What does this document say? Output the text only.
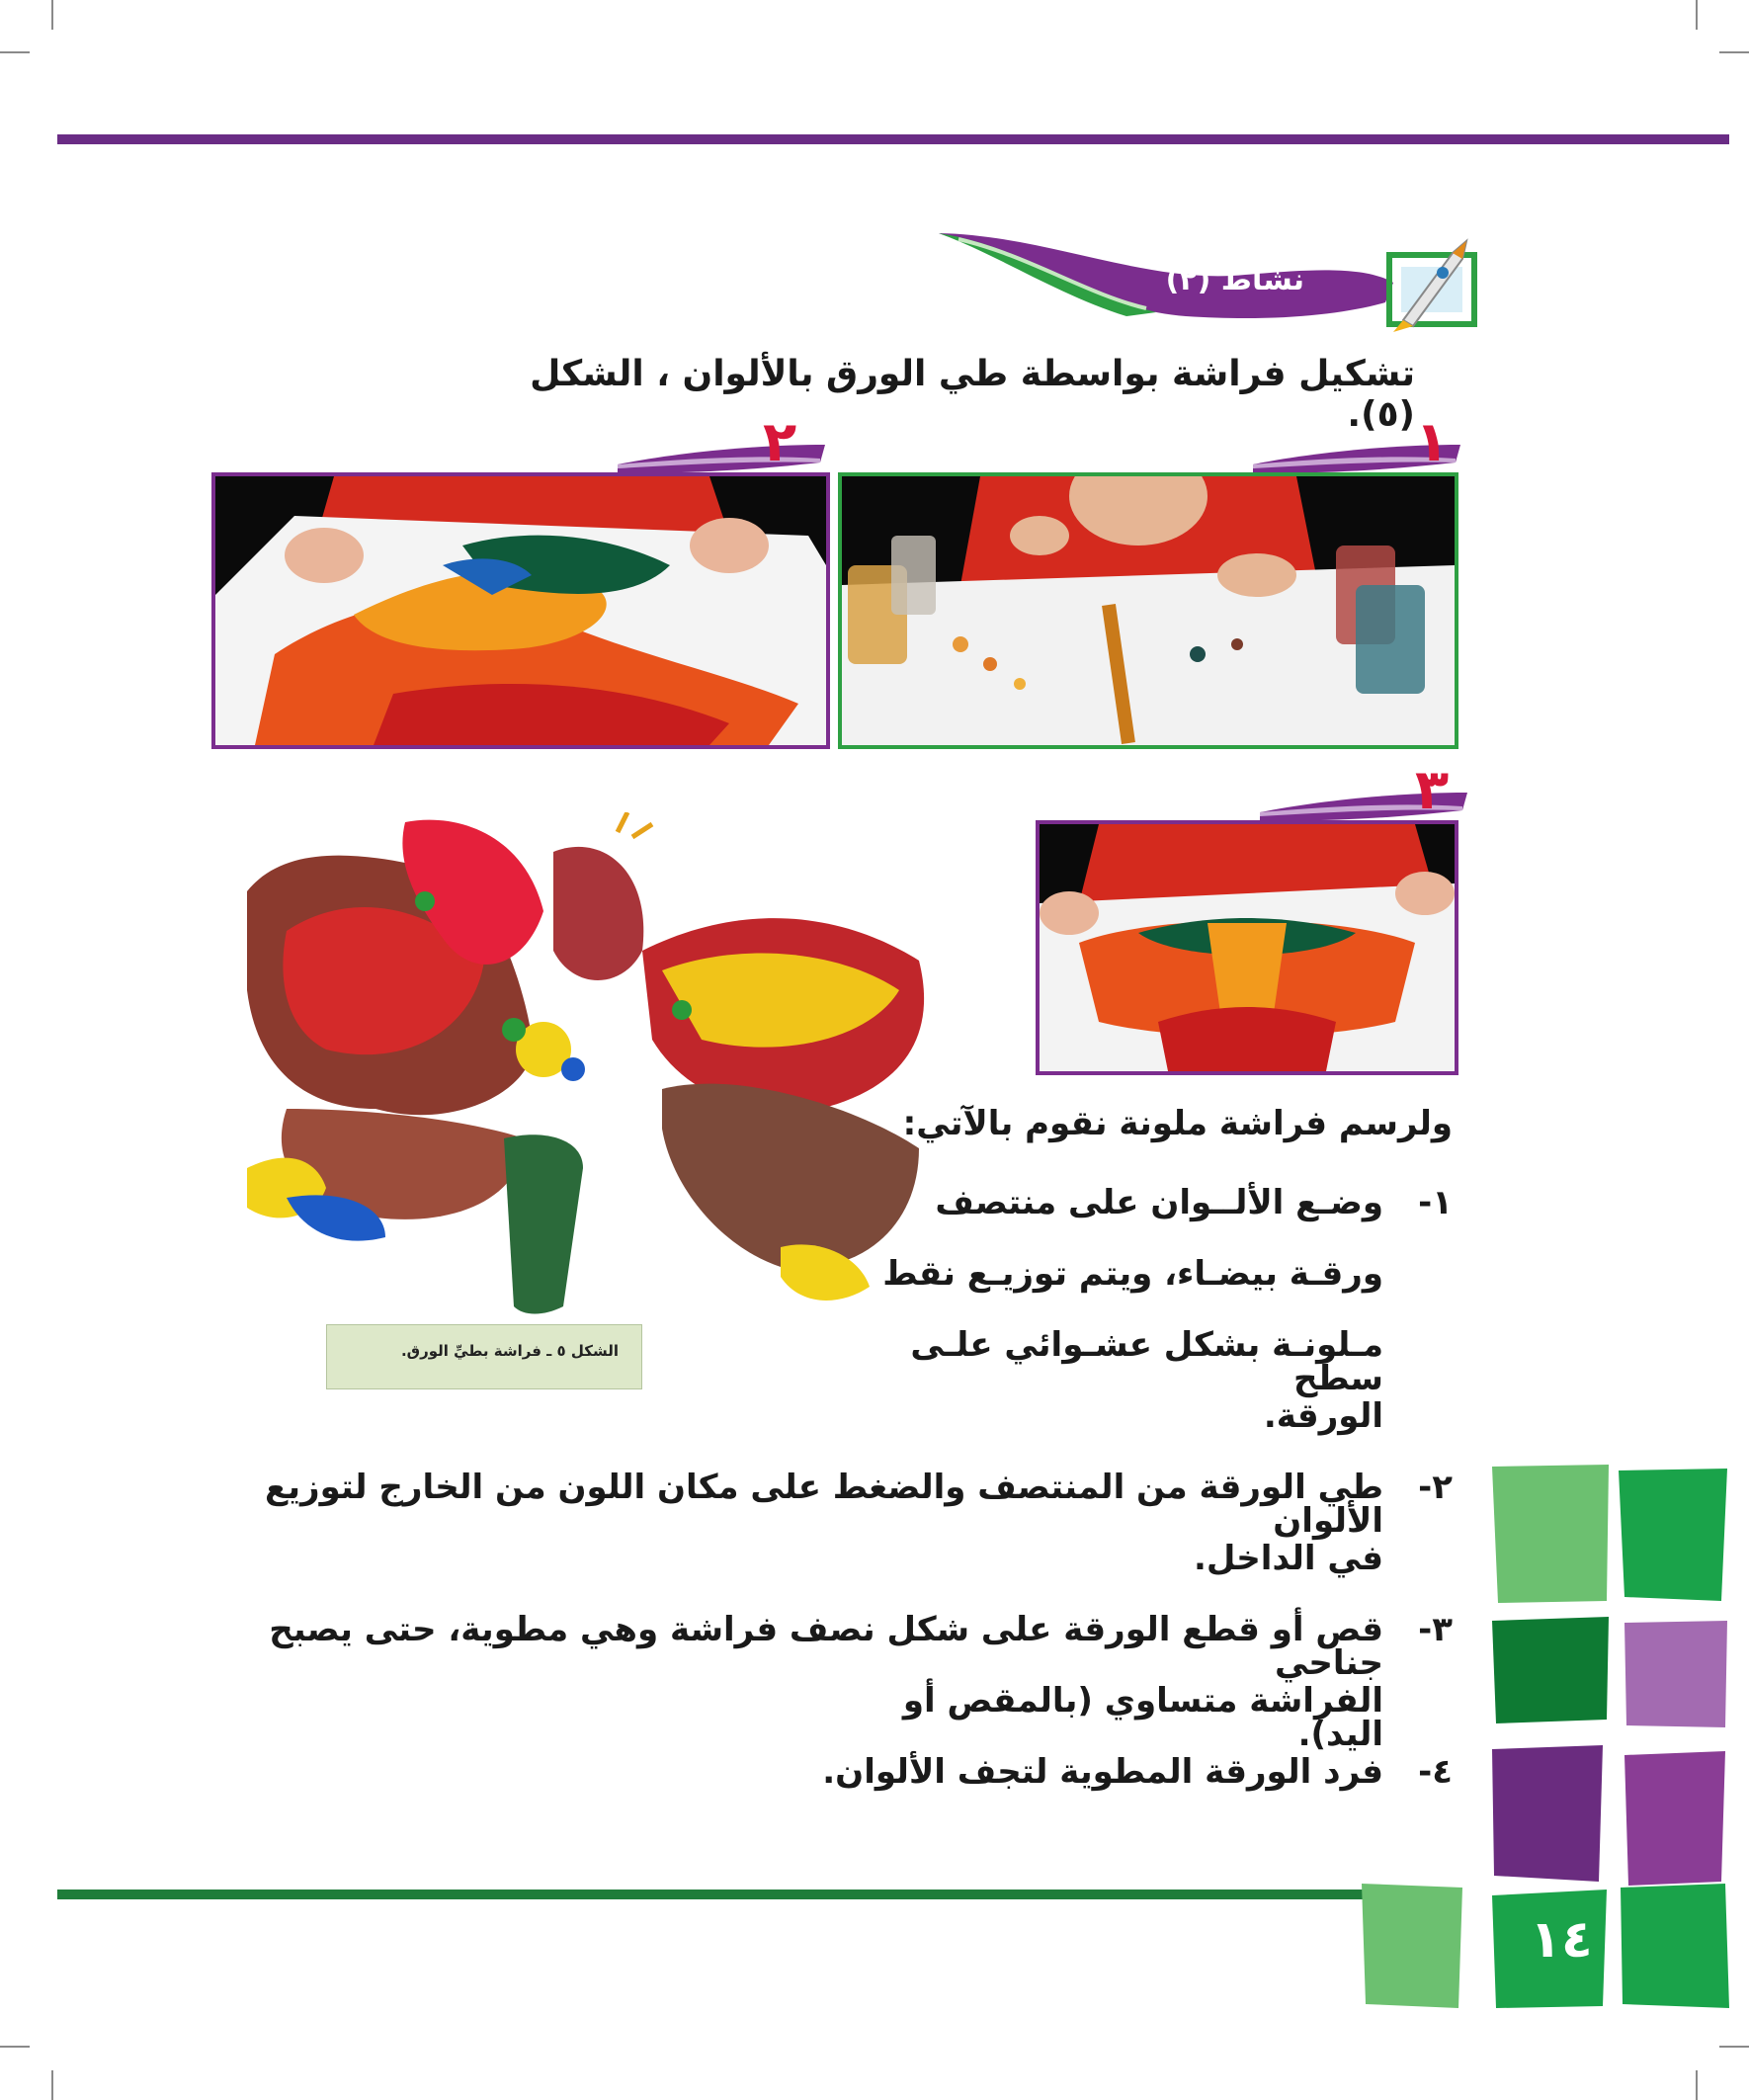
نشاط (٢)
تشكيل فراشة بواسطة طي الورق بالألوان ، الشكل (٥). ١
٢
٣
الشكل ٥ ـ فراشة بطيِّ الورق.
ولرسم فراشة ملونة نقوم بالآتي:
١-
وضـع الألــوان على منتصف
ورقـة بيضـاء، ويتم توزيـع نقط
مـلونـة بشكل عشـوائي علـى سطح
الورقة.
٢-
طي الورقة من المنتصف والضغط على مكان اللون من الخارج لتوزيع الألوان
في الداخل.
٣-
قص أو قطع الورقة على شكل نصف فراشة وهي مطوية، حتى يصبح جناحي
الفراشة متساوي (بالمقص أو اليد).
٤-
فرد الورقة المطوية لتجف الألوان.
١٤
